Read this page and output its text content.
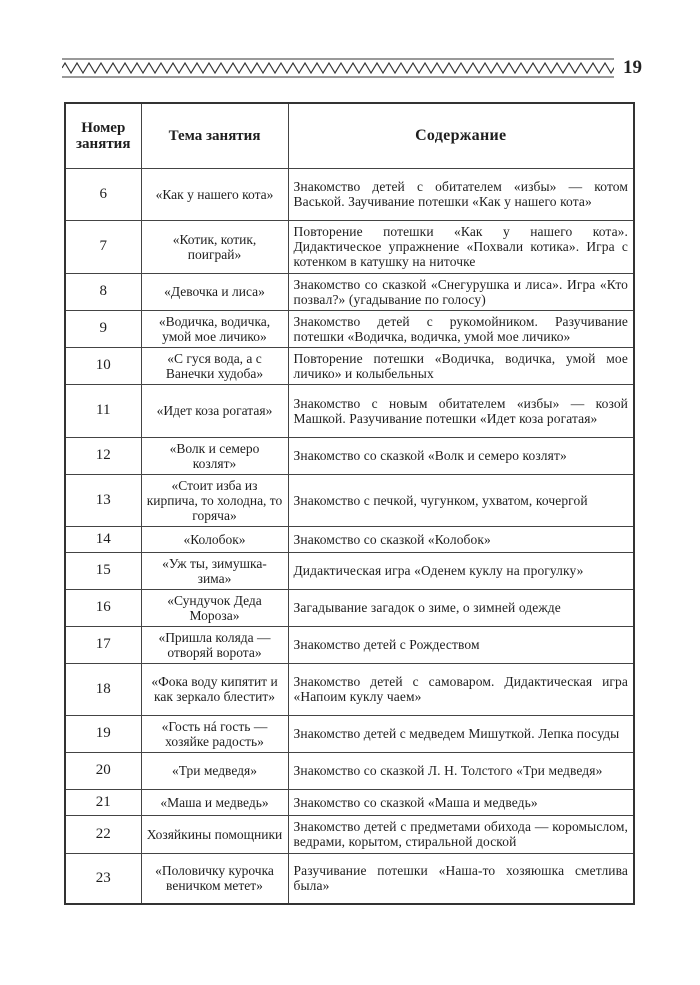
19
Номер занятия	Тема занятия	Содержание
6	«Как у нашего кота»	Знакомство детей с обитателем «избы» — котом Васькой. Заучивание потешки «Как у нашего кота»
7	«Котик, котик, поиграй»	Повторение потешки «Как у нашего кота». Дидактическое упражнение «Похвали котика». Игра с котенком в катушку на ниточке
8	«Девочка и лиса»	Знакомство со сказкой «Снегурушка и лиса». Игра «Кто позвал?» (угадывание по голосу)
9	«Водичка, водичка, умой мое личико»	Знакомство детей с рукомойником. Разучивание потешки «Водичка, водичка, умой мое личико»
10	«С гуся вода, а с Ванечки худоба»	Повторение потешки «Водичка, водичка, умой мое личико» и колыбельных
11	«Идет коза рогатая»	Знакомство с новым обитателем «избы» — козой Машкой. Разучивание потешки «Идет коза рогатая»
12	«Волк и семеро козлят»	Знакомство со сказкой «Волк и семеро козлят»
13	«Стоит изба из кирпича, то холодна, то горяча»	Знакомство с печкой, чугунком, ухватом, кочергой
14	«Колобок»	Знакомство со сказкой «Колобок»
15	«Уж ты, зимушка-зима»	Дидактическая игра «Оденем куклу на прогулку»
16	«Сундучок Деда Мороза»	Загадывание загадок о зиме, о зимней одежде
17	«Пришла коляда — отворяй ворота»	Знакомство детей с Рождеством
18	«Фока воду кипятит и как зеркало блестит»	Знакомство детей с самоваром. Дидактическая игра «Напоим куклу чаем»
19	«Гость нá гость — хозяйке радость»	Знакомство детей с медведем Мишуткой. Лепка посуды
20	«Три медведя»	Знакомство со сказкой Л. Н. Толстого «Три медведя»
21	«Маша и медведь»	Знакомство со сказкой «Маша и медведь»
22	Хозяйкины помощники	Знакомство детей с предметами обихода — коромыслом, ведрами, корытом, стиральной доской
23	«Половичку курочка веничком метет»	Разучивание потешки «Наша-то хозяюшка сметлива была»
